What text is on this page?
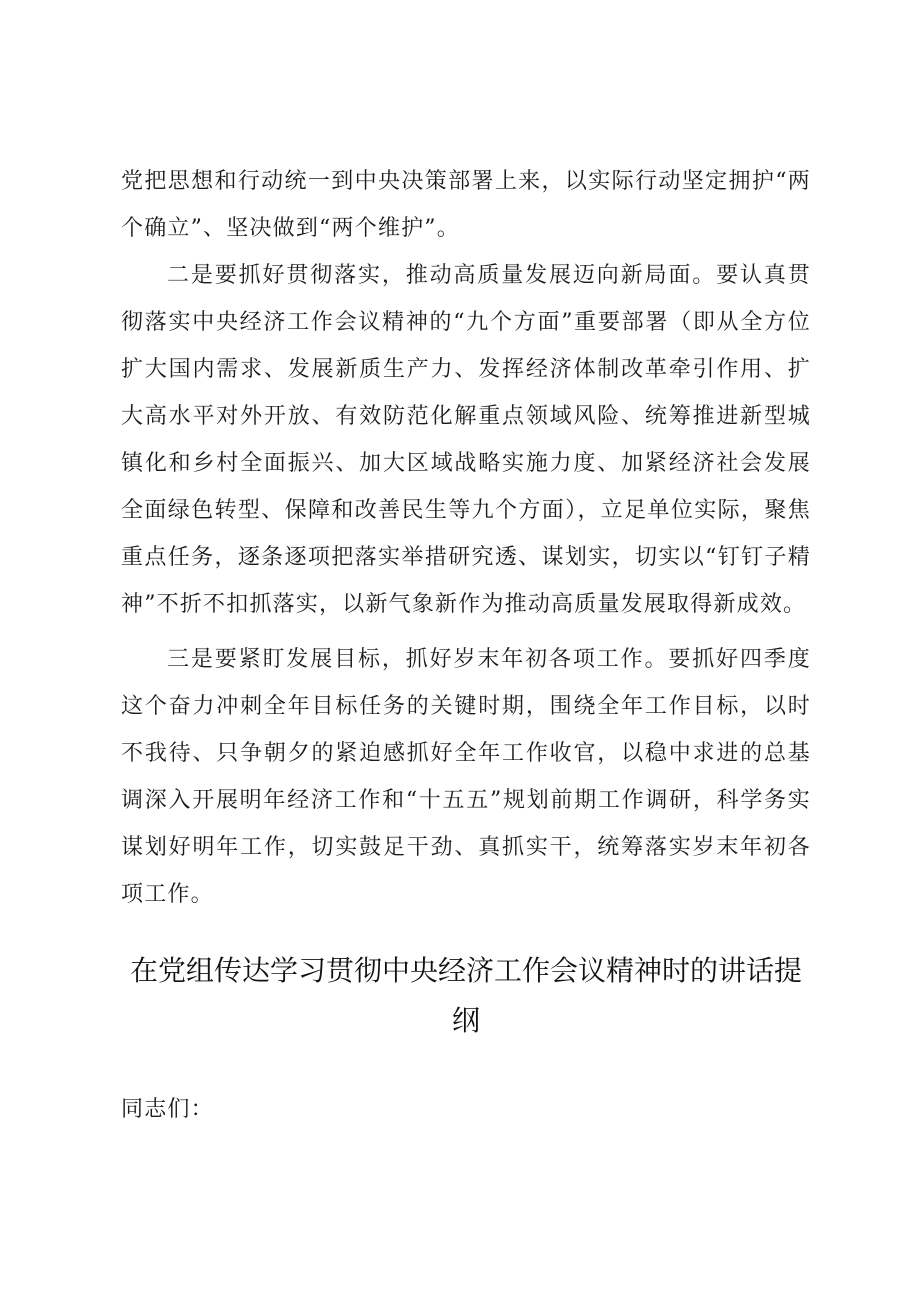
党把思想和行动统一到中央决策部署上来，以实际行动坚定拥护“两个确立”、坚决做到“两个维护”。

二是要抓好贯彻落实，推动高质量发展迈向新局面。要认真贯彻落实中央经济工作会议精神的“九个方面”重要部署（即从全方位扩大国内需求、发展新质生产力、发挥经济体制改革牵引作用、扩大高水平对外开放、有效防范化解重点领域风险、统筹推进新型城镇化和乡村全面振兴、加大区域战略实施力度、加紧经济社会发展全面绿色转型、保障和改善民生等九个方面），立足单位实际，聚焦重点任务，逐条逐项把落实举措研究透、谋划实，切实以“钉钉子精神”不折不扣抓落实，以新气象新作为推动高质量发展取得新成效。

三是要紧盯发展目标，抓好岁末年初各项工作。要抓好四季度这个奋力冲刺全年目标任务的关键时期，围绕全年工作目标，以时不我待、只争朝夕的紧迫感抓好全年工作收官，以稳中求进的总基调深入开展明年经济工作和“十五五”规划前期工作调研，科学务实谋划好明年工作，切实鼓足干劲、真抓实干，统筹落实岁末年初各项工作。

在党组传达学习贯彻中央经济工作会议精神时的讲话提纲

同志们：
